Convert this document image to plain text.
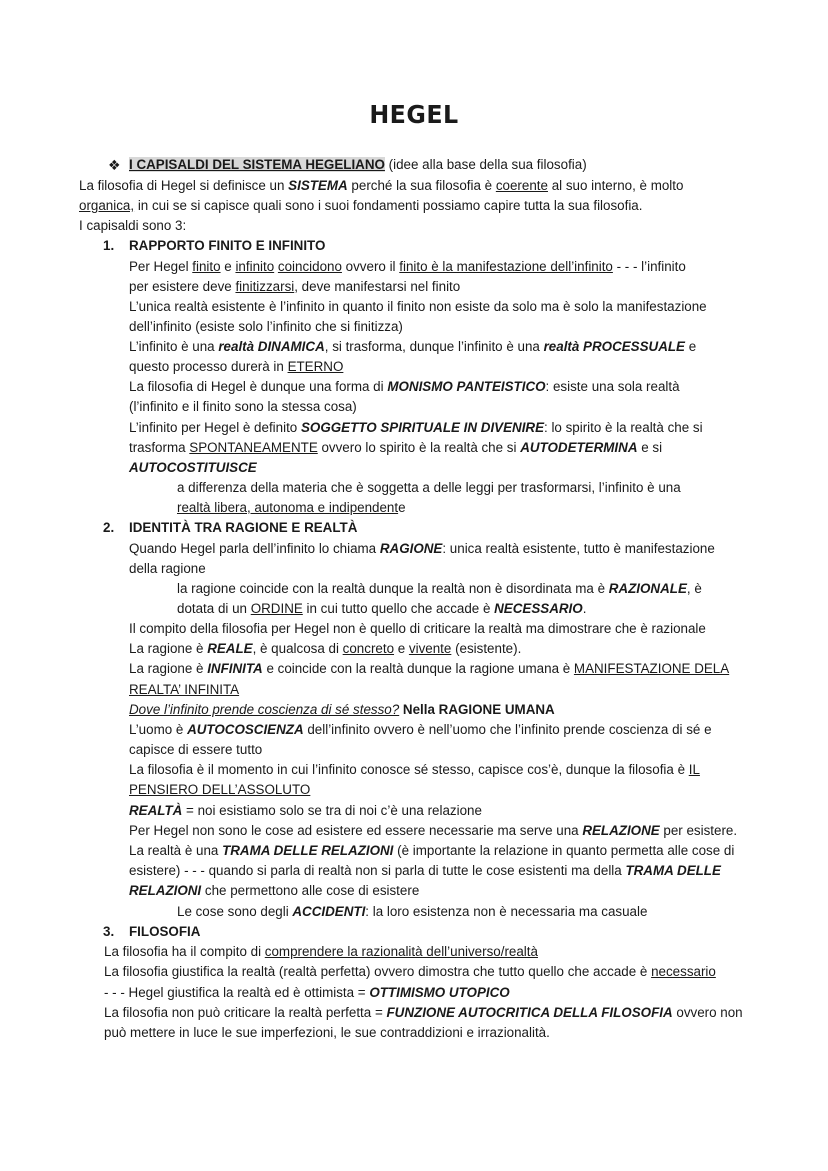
HEGEL
❖ I CAPISALDI DEL SISTEMA HEGELIANO (idee alla base della sua filosofia)
La filosofia di Hegel si definisce un SISTEMA perché la sua filosofia è coerente al suo interno, è molto
organica, in cui se si capisce quali sono i suoi fondamenti possiamo capire tutta la sua filosofia.
I capisaldi sono 3:
1. RAPPORTO FINITO E INFINITO
Per Hegel finito e infinito coincidono ovvero il finito è la manifestazione dell’infinito - - - l’infinito
per esistere deve finitizzarsi, deve manifestarsi nel finito
L’unica realtà esistente è l’infinito in quanto il finito non esiste da solo ma è solo la manifestazione
dell’infinito (esiste solo l’infinito che si finitizza)
L’infinito è una realtà DINAMICA, si trasforma, dunque l’infinito è una realtà PROCESSUALE e
questo processo durerà in ETERNO
La filosofia di Hegel è dunque una forma di MONISMO PANTEISTICO: esiste una sola realtà
(l’infinito e il finito sono la stessa cosa)
L’infinito per Hegel è definito SOGGETTO SPIRITUALE IN DIVENIRE: lo spirito è la realtà che si
trasforma SPONTANEAMENTE ovvero lo spirito è la realtà che si AUTODETERMINA e si
AUTOCOSTITUISCE
a differenza della materia che è soggetta a delle leggi per trasformarsi, l’infinito è una
realtà libera, autonoma e indipendente
2. IDENTITÀ TRA RAGIONE E REALTÀ
Quando Hegel parla dell’infinito lo chiama RAGIONE: unica realtà esistente, tutto è manifestazione
della ragione
la ragione coincide con la realtà dunque la realtà non è disordinata ma è RAZIONALE, è
dotata di un ORDINE in cui tutto quello che accade è NECESSARIO.
Il compito della filosofia per Hegel non è quello di criticare la realtà ma dimostrare che è razionale
La ragione è REALE, è qualcosa di concreto e vivente (esistente).
La ragione è INFINITA e coincide con la realtà dunque la ragione umana è MANIFESTAZIONE DELA
REALTA’ INFINITA
Dove l’infinito prende coscienza di sé stesso? Nella RAGIONE UMANA
L’uomo è AUTOCOSCIENZA dell’infinito ovvero è nell’uomo che l’infinito prende coscienza di sé e
capisce di essere tutto
La filosofia è il momento in cui l’infinito conosce sé stesso, capisce cos’è, dunque la filosofia è IL
PENSIERO DELL’ASSOLUTO
REALTÀ = noi esistiamo solo se tra di noi c’è una relazione
Per Hegel non sono le cose ad esistere ed essere necessarie ma serve una RELAZIONE per esistere.
La realtà è una TRAMA DELLE RELAZIONI (è importante la relazione in quanto permetta alle cose di
esistere) - - - quando si parla di realtà non si parla di tutte le cose esistenti ma della TRAMA DELLE
RELAZIONI che permettono alle cose di esistere
Le cose sono degli ACCIDENTI: la loro esistenza non è necessaria ma casuale
3. FILOSOFIA
La filosofia ha il compito di comprendere la razionalità dell’universo/realtà
La filosofia giustifica la realtà (realtà perfetta) ovvero dimostra che tutto quello che accade è necessario
- - - Hegel giustifica la realtà ed è ottimista = OTTIMISMO UTOPICO
La filosofia non può criticare la realtà perfetta = FUNZIONE AUTOCRITICA DELLA FILOSOFIA ovvero non
può mettere in luce le sue imperfezioni, le sue contraddizioni e irrazionalità.
